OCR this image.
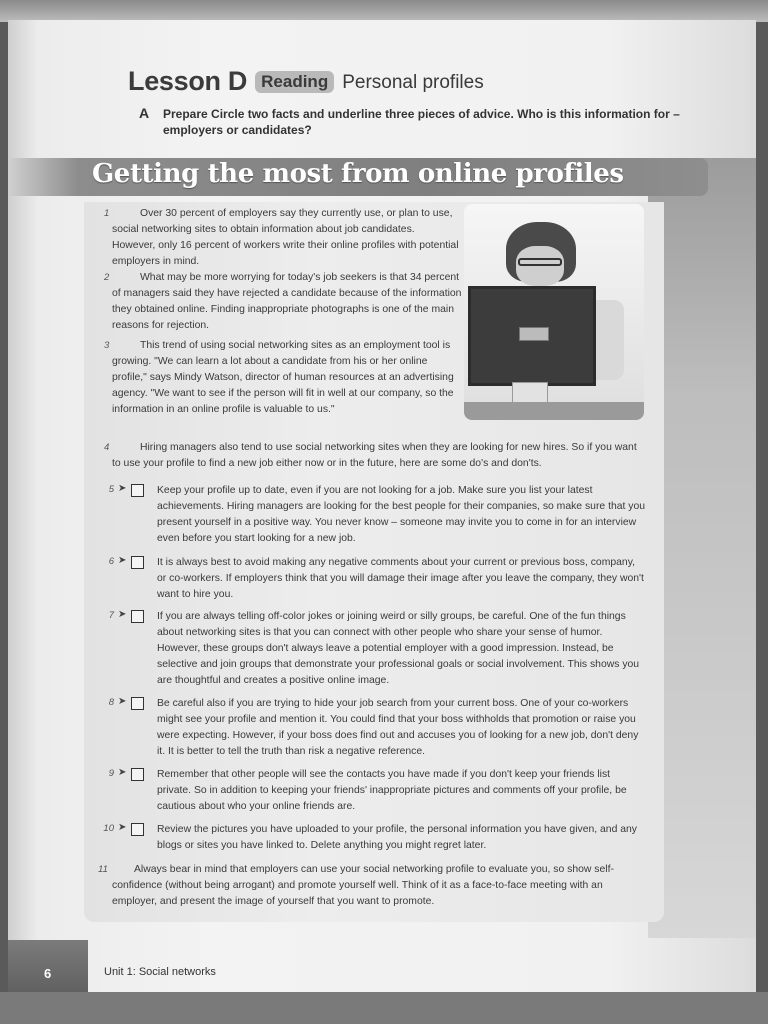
Lesson D Reading Personal profiles
A	Prepare Circle two facts and underline three pieces of advice. Who is this information for – employers or candidates?
Getting the most from online profiles
1	Over 30 percent of employers say they currently use, or plan to use, social networking sites to obtain information about job candidates. However, only 16 percent of workers write their online profiles with potential employers in mind.
2	What may be more worrying for today's job seekers is that 34 percent of managers said they have rejected a candidate because of the information they obtained online. Finding inappropriate photographs is one of the main reasons for rejection.
3	This trend of using social networking sites as an employment tool is growing. "We can learn a lot about a candidate from his or her online profile," says Mindy Watson, director of human resources at an advertising agency. "We want to see if the person will fit in well at our company, so the information in an online profile is valuable to us."
4	Hiring managers also tend to use social networking sites when they are looking for new hires. So if you want to use your profile to find a new job either now or in the future, here are some do's and don'ts.
5 ➤	Keep your profile up to date, even if you are not looking for a job. Make sure you list your latest achievements. Hiring managers are looking for the best people for their companies, so make sure that you present yourself in a positive way. You never know – someone may invite you to come in for an interview even before you start looking for a new job.
6 ➤	It is always best to avoid making any negative comments about your current or previous boss, company, or co-workers. If employers think that you will damage their image after you leave the company, they won't want to hire you.
7 ➤	If you are always telling off-color jokes or joining weird or silly groups, be careful. One of the fun things about networking sites is that you can connect with other people who share your sense of humor. However, these groups don't always leave a potential employer with a good impression. Instead, be selective and join groups that demonstrate your professional goals or social involvement. This shows you are thoughtful and creates a positive online image.
8 ➤	Be careful also if you are trying to hide your job search from your current boss. One of your co-workers might see your profile and mention it. You could find that your boss withholds that promotion or raise you were expecting. However, if your boss does find out and accuses you of looking for a new job, don't deny it. It is better to tell the truth than risk a negative reference.
9 ➤	Remember that other people will see the contacts you have made if you don't keep your friends list private. So in addition to keeping your friends' inappropriate pictures and comments off your profile, be cautious about who your online friends are.
10 ➤	Review the pictures you have uploaded to your profile, the personal information you have given, and any blogs or sites you have linked to. Delete anything you might regret later.
11	Always bear in mind that employers can use your social networking profile to evaluate you, so show self-confidence (without being arrogant) and promote yourself well. Think of it as a face-to-face meeting with an employer, and present the image of yourself that you want to promote.
6	Unit 1: Social networks
